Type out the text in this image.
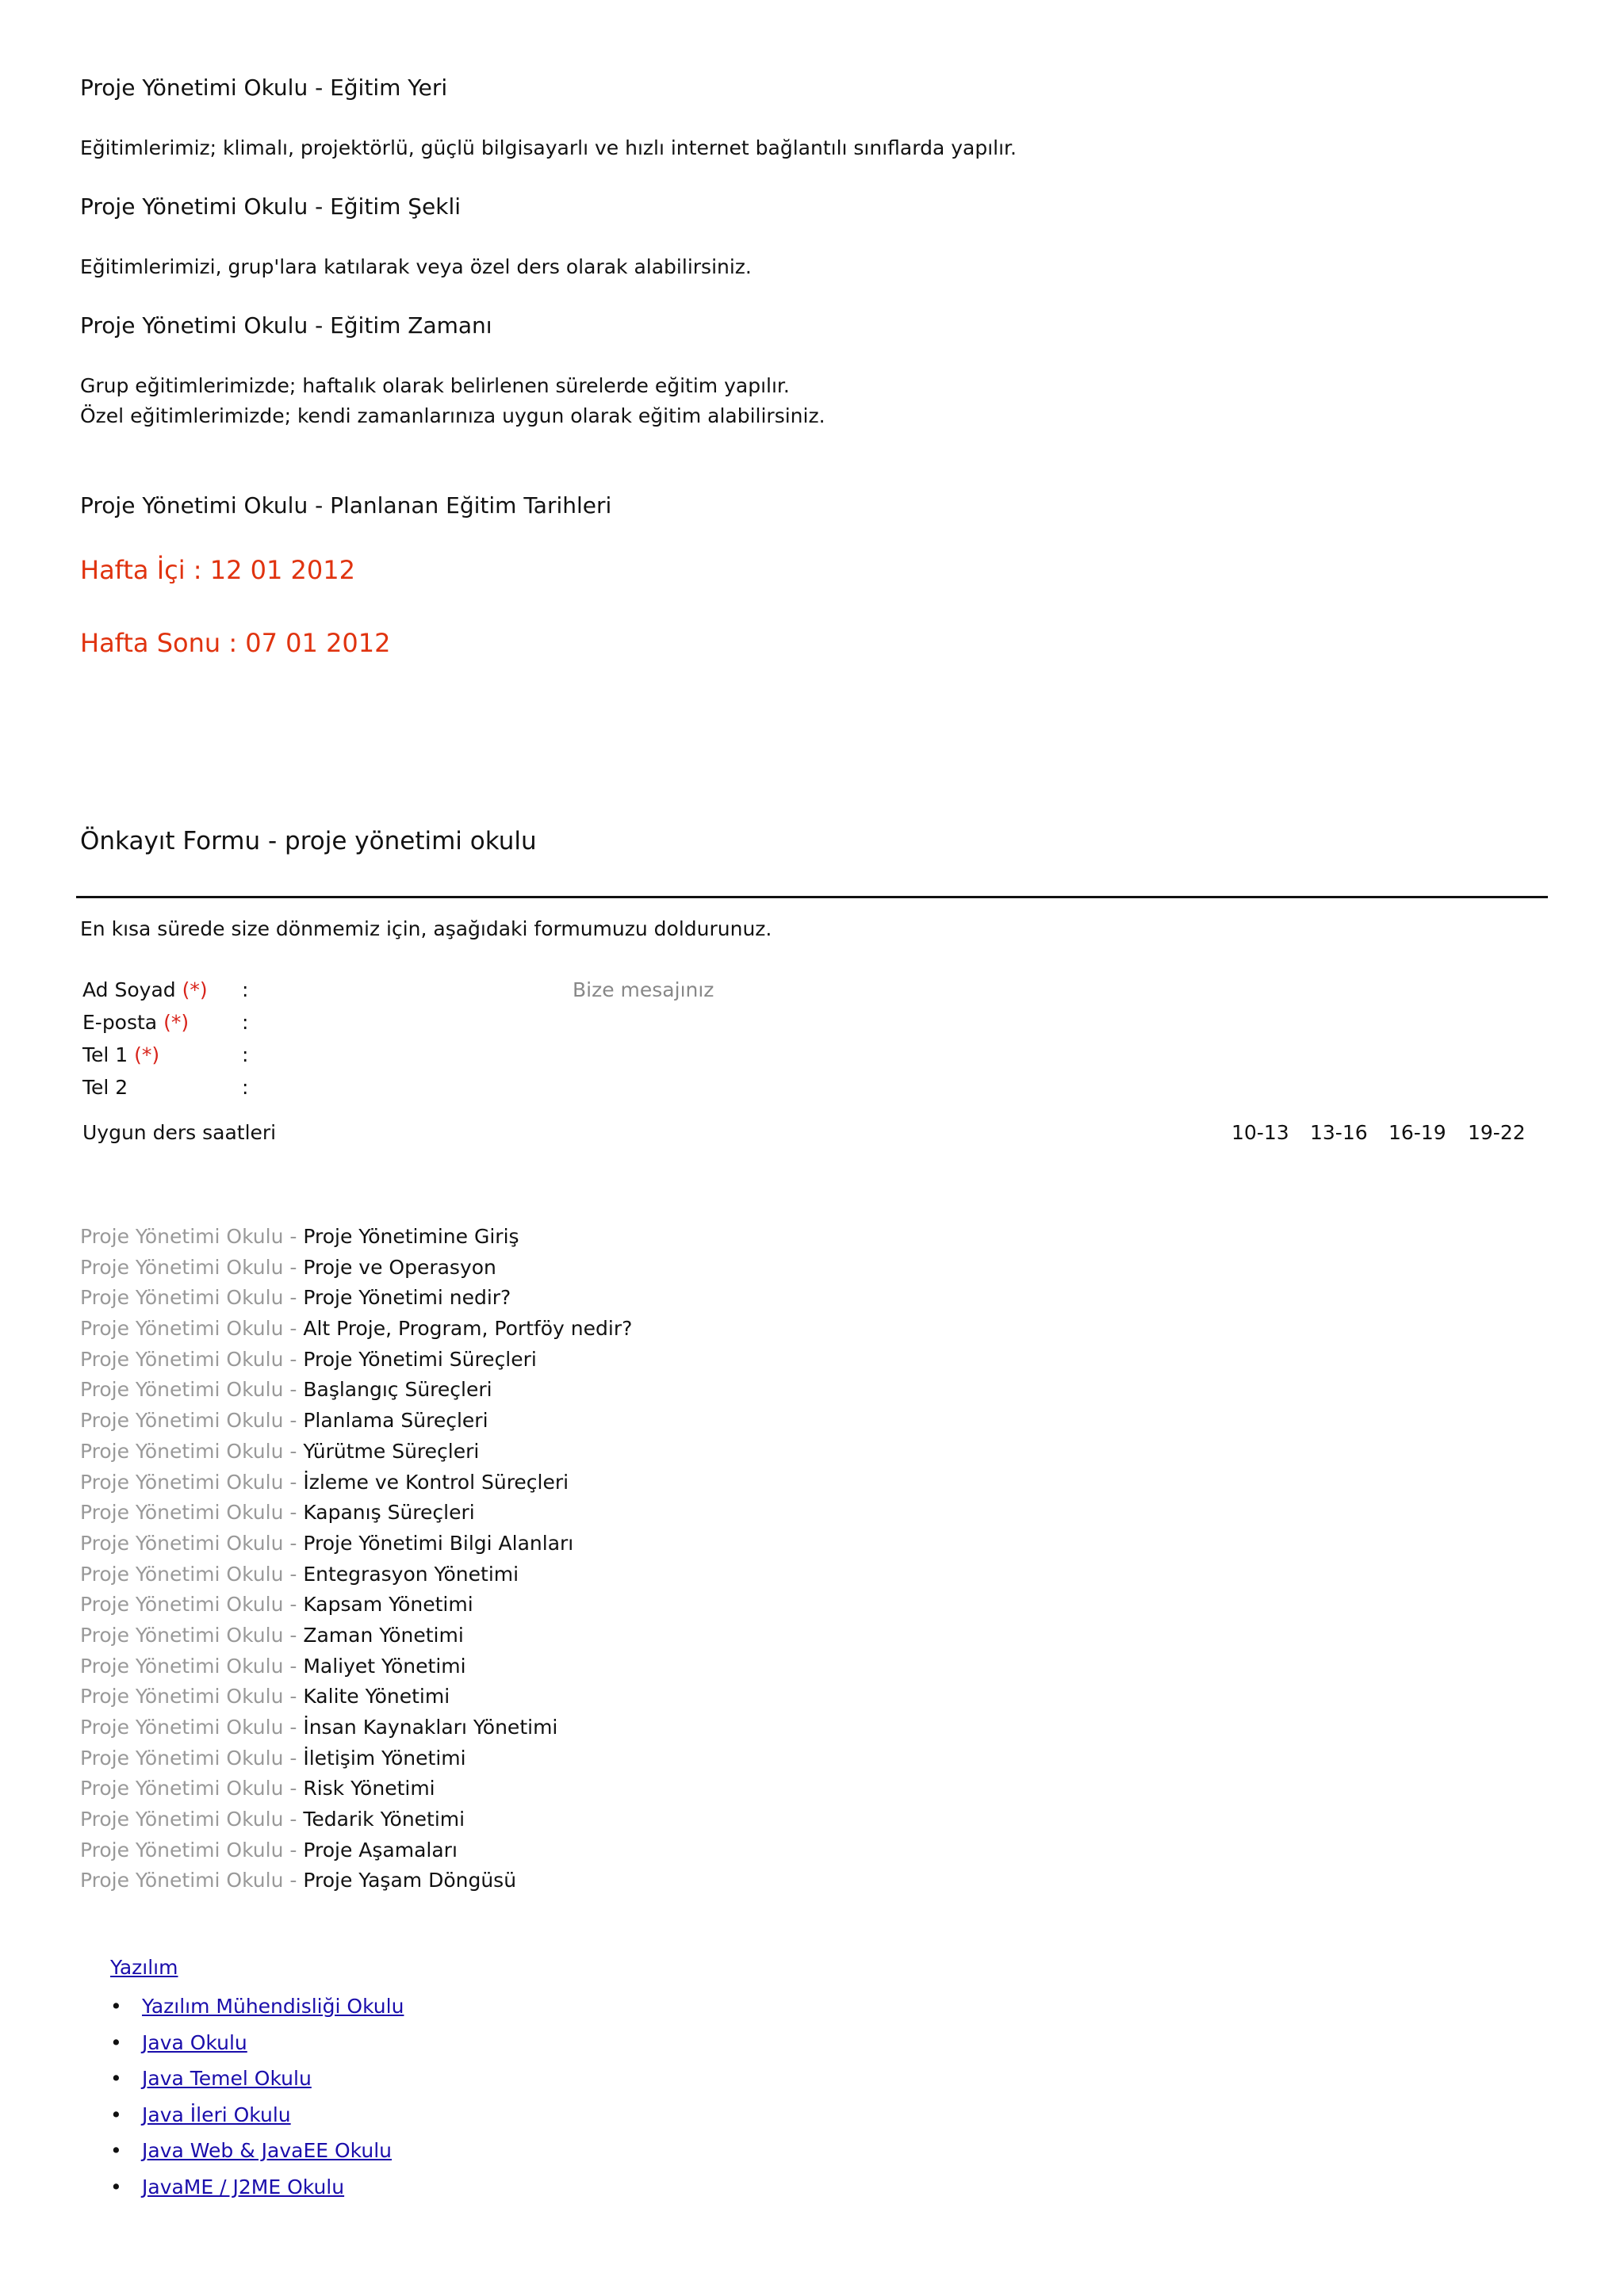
Proje Yönetimi Okulu - Eğitim Yeri

Eğitimlerimiz; klimalı, projektörlü, güçlü bilgisayarlı ve hızlı internet bağlantılı sınıflarda yapılır.

Proje Yönetimi Okulu - Eğitim Şekli

Eğitimlerimizi, grup'lara katılarak veya özel ders olarak alabilirsiniz.

Proje Yönetimi Okulu - Eğitim Zamanı

Grup eğitimlerimizde; haftalık olarak belirlenen sürelerde eğitim yapılır.

Özel eğitimlerimizde; kendi zamanlarınıza uygun olarak eğitim alabilirsiniz.

Proje Yönetimi Okulu - Planlanan Eğitim Tarihleri
Hafta İçi : 12 01 2012
Hafta Sonu : 07 01 2012
Önkayıt Formu - proje yönetimi okulu
En kısa sürede size dönmemiz için, aşağıdaki formumuzu doldurunuz.
Ad Soyad (*) :
E-posta (*)	:
Tel 1 (*)	:
Tel 2	:
Bize mesajınız
Uygun ders saatleri	10-13 13-16 16-19 19-22
Proje Yönetimi Okulu - Proje Yönetimine Giriş
Proje Yönetimi Okulu - Proje ve Operasyon
Proje Yönetimi Okulu - Proje Yönetimi nedir?
Proje Yönetimi Okulu - Alt Proje, Program, Portföy nedir?
Proje Yönetimi Okulu - Proje Yönetimi Süreçleri
Proje Yönetimi Okulu - Başlangıç Süreçleri
Proje Yönetimi Okulu - Planlama Süreçleri
Proje Yönetimi Okulu - Yürütme Süreçleri
Proje Yönetimi Okulu - İzleme ve Kontrol Süreçleri
Proje Yönetimi Okulu - Kapanış Süreçleri
Proje Yönetimi Okulu - Proje Yönetimi Bilgi Alanları
Proje Yönetimi Okulu - Entegrasyon Yönetimi
Proje Yönetimi Okulu - Kapsam Yönetimi
Proje Yönetimi Okulu - Zaman Yönetimi
Proje Yönetimi Okulu - Maliyet Yönetimi
Proje Yönetimi Okulu - Kalite Yönetimi
Proje Yönetimi Okulu - İnsan Kaynakları Yönetimi
Proje Yönetimi Okulu - İletişim Yönetimi
Proje Yönetimi Okulu - Risk Yönetimi
Proje Yönetimi Okulu - Tedarik Yönetimi
Proje Yönetimi Okulu - Proje Aşamaları
Proje Yönetimi Okulu - Proje Yaşam Döngüsü
Yazılım
• Yazılım Mühendisliği Okulu
• Java Okulu
• Java Temel Okulu
• Java İleri Okulu
• Java Web & JavaEE Okulu
• JavaME / J2ME Okulu
